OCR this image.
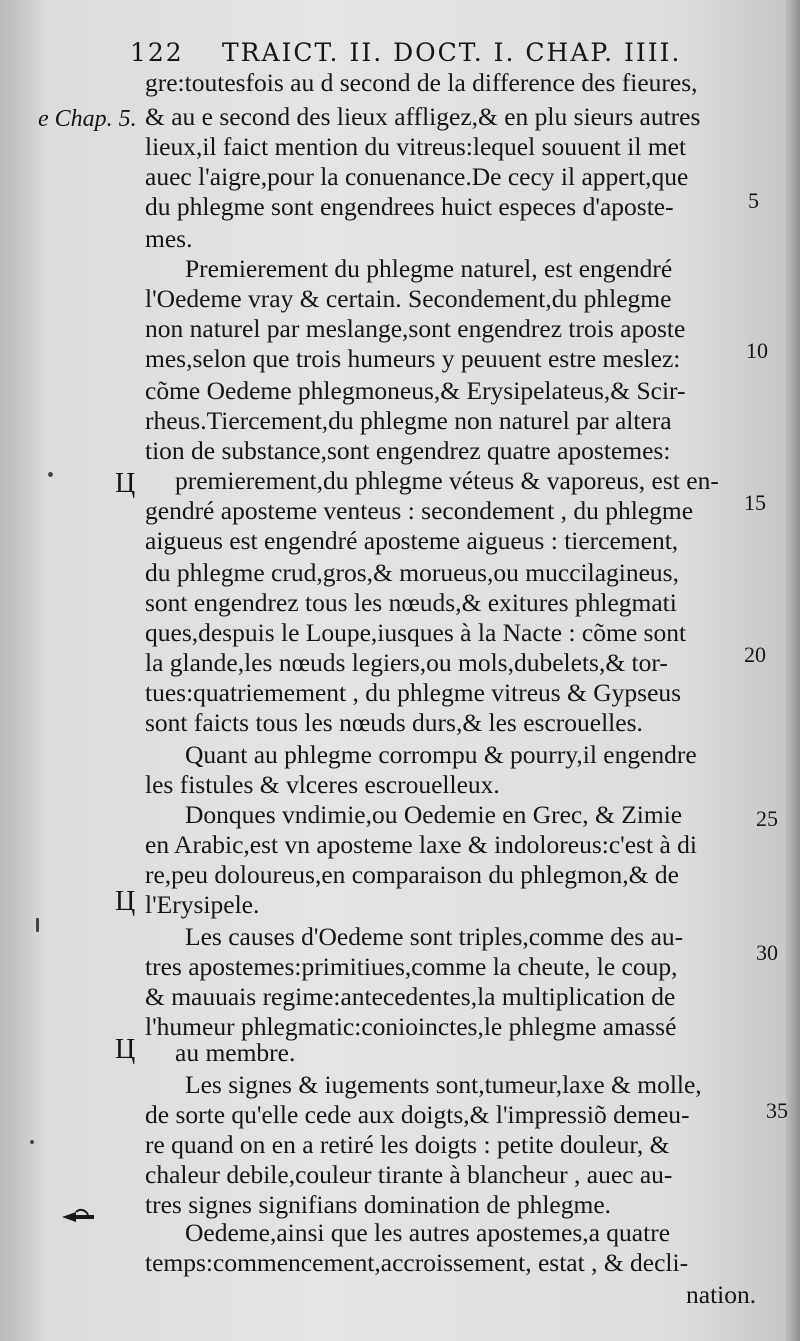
122 TRAICT. II. DOCT. I. CHAP. IIII.
e Chap. 5.
5
10
15
20
25
30
35
Ц
Ц
Ц
gre:toutesfois au d second de la difference des fieures,
& au e second des lieux affligez,& en plu sieurs autres
lieux,il faict mention du vitreus:lequel souuent il met
auec l'aigre,pour la conuenance.De cecy il appert,que
du phlegme sont engendrees huict especes d'aposte-
mes.
Premierement du phlegme naturel, est engendré
l'Oedeme vray & certain. Secondement,du phlegme
non naturel par meslange,sont engendrez trois aposte
mes,selon que trois humeurs y peuuent estre meslez:
cõme Oedeme phlegmoneus,& Erysipelateus,& Scir-
rheus.Tiercement,du phlegme non naturel par altera
tion de substance,sont engendrez quatre apostemes:
premierement,du phlegme véteus & vaporeus, est en-
gendré aposteme venteus : secondement , du phlegme
aigueus est engendré aposteme aigueus : tiercement,
du phlegme crud,gros,& morueus,ou muccilagineus,
sont engendrez tous les nœuds,& exitures phlegmati
ques,despuis le Loupe,iusques à la Nacte : cõme sont
la glande,les nœuds legiers,ou mols,dubelets,& tor-
tues:quatriemement , du phlegme vitreus & Gypseus
sont faicts tous les nœuds durs,& les escrouelles.
Quant au phlegme corrompu & pourry,il engendre
les fistules & vlceres escrouelleux.
Donques vndimie,ou Oedemie en Grec, & Zimie
en Arabic,est vn aposteme laxe & indoloreus:c'est à di
re,peu doloureus,en comparaison du phlegmon,& de
l'Erysipele.
Les causes d'Oedeme sont triples,comme des au-
tres apostemes:primitiues,comme la cheute, le coup,
& mauuais regime:antecedentes,la multiplication de
l'humeur phlegmatic:conioinctes,le phlegme amassé
au membre.
Les signes & iugements sont,tumeur,laxe & molle,
de sorte qu'elle cede aux doigts,& l'impressiõ demeu-
re quand on en a retiré les doigts : petite douleur, &
chaleur debile,couleur tirante à blancheur , auec au-
tres signes signifians domination de phlegme.
Oedeme,ainsi que les autres apostemes,a quatre
temps:commencement,accroissement, estat , & decli-
nation.
